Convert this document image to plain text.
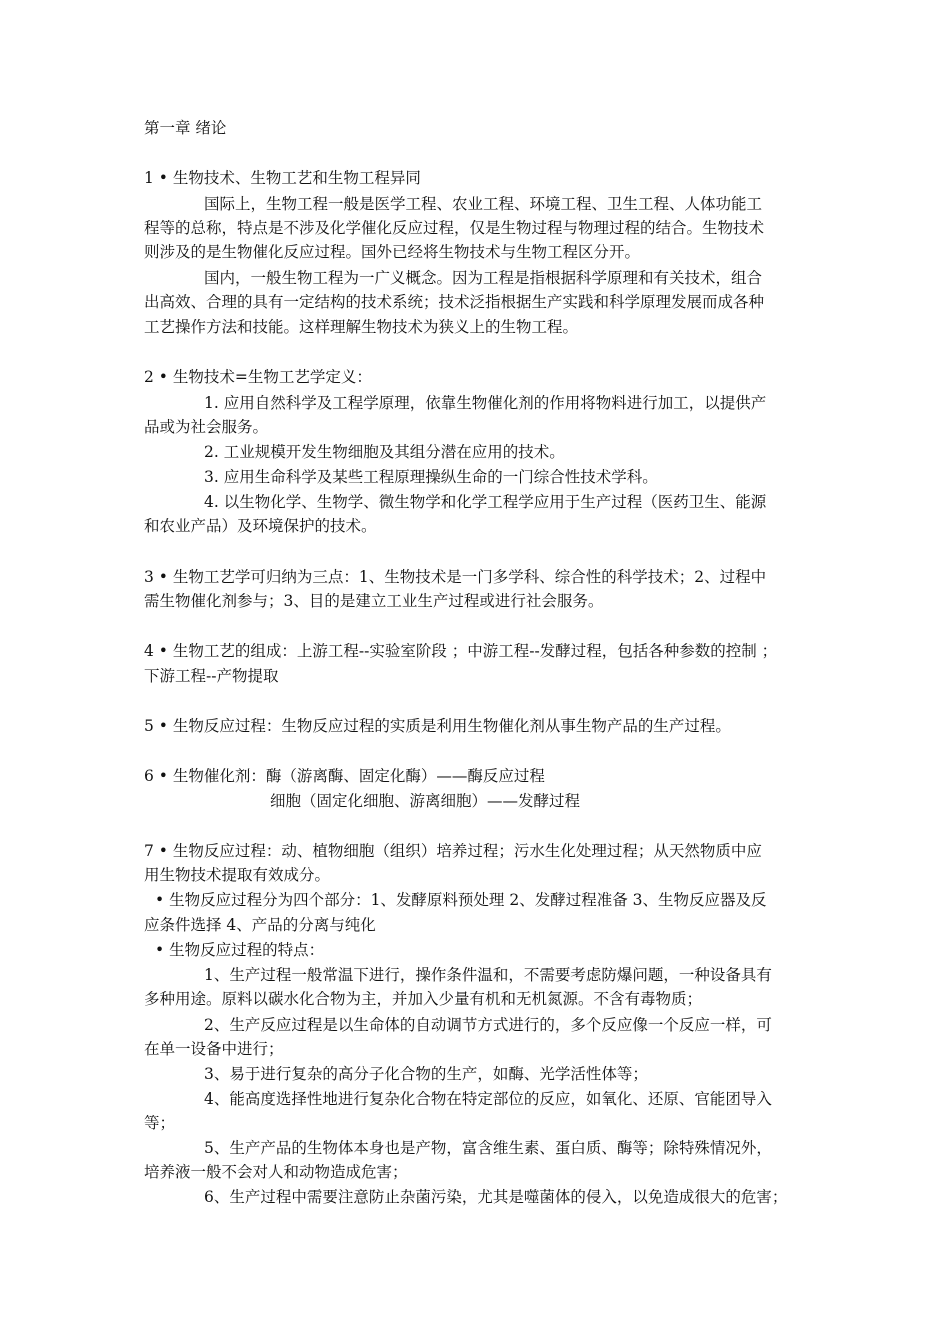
第一章 绪论
1 • 生物技术、生物工艺和生物工程异同
国际上，生物工程一般是医学工程、农业工程、环境工程、卫生工程、人体功能工
程等的总称，特点是不涉及化学催化反应过程，仅是生物过程与物理过程的结合。生物技术
则涉及的是生物催化反应过程。国外已经将生物技术与生物工程区分开。
国内，一般生物工程为一广义概念。因为工程是指根据科学原理和有关技术，组合
出高效、合理的具有一定结构的技术系统；技术泛指根据生产实践和科学原理发展而成各种
工艺操作方法和技能。这样理解生物技术为狭义上的生物工程。
2 • 生物技术=生物工艺学定义：
1. 应用自然科学及工程学原理，依靠生物催化剂的作用将物料进行加工，以提供产
品或为社会服务。
2. 工业规模开发生物细胞及其组分潜在应用的技术。
3. 应用生命科学及某些工程原理操纵生命的一门综合性技术学科。
4. 以生物化学、生物学、微生物学和化学工程学应用于生产过程（医药卫生、能源
和农业产品）及环境保护的技术。
3 • 生物工艺学可归纳为三点：1、生物技术是一门多学科、综合性的科学技术；2、过程中
需生物催化剂参与；3、目的是建立工业生产过程或进行社会服务。
4 • 生物工艺的组成：上游工程--实验室阶段 ；中游工程--发酵过程，包括各种参数的控制 ；
下游工程--产物提取
5 • 生物反应过程：生物反应过程的实质是利用生物催化剂从事生物产品的生产过程。
6 • 生物催化剂：酶（游离酶、固定化酶）——酶反应过程
细胞（固定化细胞、游离细胞）——发酵过程
7 • 生物反应过程：动、植物细胞（组织）培养过程；污水生化处理过程；从天然物质中应
用生物技术提取有效成分。
• 生物反应过程分为四个部分：1、发酵原料预处理 2、发酵过程准备 3、生物反应器及反
应条件选择 4、产品的分离与纯化
• 生物反应过程的特点：
1、生产过程一般常温下进行，操作条件温和，不需要考虑防爆问题，一种设备具有
多种用途。原料以碳水化合物为主，并加入少量有机和无机氮源。不含有毒物质；
2、生产反应过程是以生命体的自动调节方式进行的，多个反应像一个反应一样，可
在单一设备中进行；
3、易于进行复杂的高分子化合物的生产，如酶、光学活性体等；
4、能高度选择性地进行复杂化合物在特定部位的反应，如氧化、还原、官能团导入
等；
5、生产产品的生物体本身也是产物，富含维生素、蛋白质、酶等；除特殊情况外，
培养液一般不会对人和动物造成危害；
6、生产过程中需要注意防止杂菌污染，尤其是噬菌体的侵入，以免造成很大的危害；
